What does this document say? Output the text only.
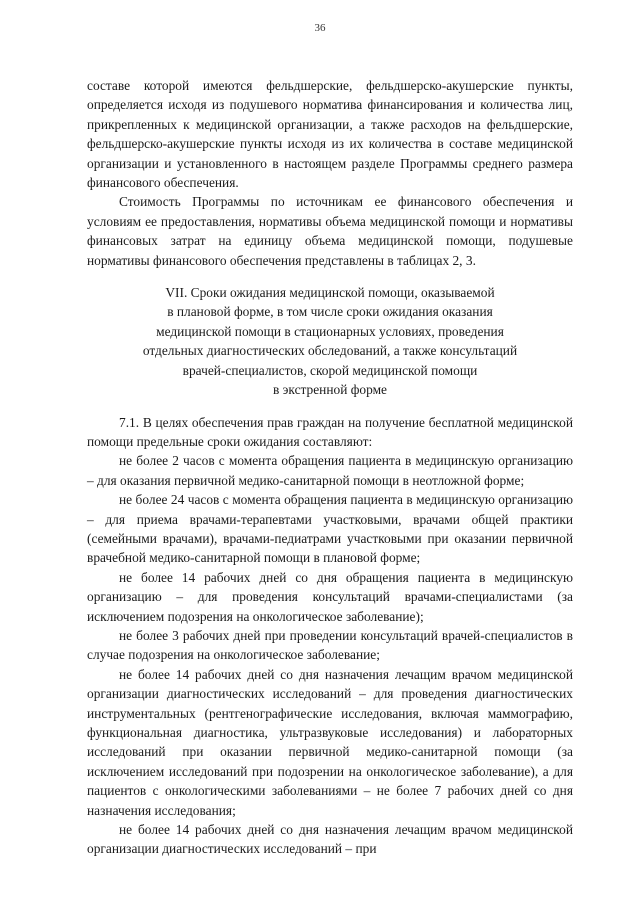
36

составе которой имеются фельдшерские, фельдшерско-акушерские пункты, определяется исходя из подушевого норматива финансирования и количества лиц, прикрепленных к медицинской организации, а также расходов на фельдшерские, фельдшерско-акушерские пункты исходя из их количества в составе медицинской организации и установленного в настоящем разделе Программы среднего размера финансового обеспечения.

Стоимость Программы по источникам ее финансового обеспечения и условиям ее предоставления, нормативы объема медицинской помощи и нормативы финансовых затрат на единицу объема медицинской помощи, подушевые нормативы финансового обеспечения представлены в таблицах 2, 3.

VII. Сроки ожидания медицинской помощи, оказываемой
в плановой форме, в том числе сроки ожидания оказания
медицинской помощи в стационарных условиях, проведения
отдельных диагностических обследований, а также консультаций
врачей-специалистов, скорой медицинской помощи
в экстренной форме

7.1. В целях обеспечения прав граждан на получение бесплатной медицинской помощи предельные сроки ожидания составляют:

не более 2 часов с момента обращения пациента в медицинскую организацию – для оказания первичной медико-санитарной помощи в неотложной форме;

не более 24 часов с момента обращения пациента в медицинскую организацию – для приема врачами-терапевтами участковыми, врачами общей практики (семейными врачами), врачами-педиатрами участковыми при оказании первичной врачебной медико-санитарной помощи в плановой форме;

не более 14 рабочих дней со дня обращения пациента в медицинскую организацию – для проведения консультаций врачами-специалистами (за исключением подозрения на онкологическое заболевание);

не более 3 рабочих дней при проведении консультаций врачей-специалистов в случае подозрения на онкологическое заболевание;

не более 14 рабочих дней со дня назначения лечащим врачом медицинской организации диагностических исследований – для проведения диагностических инструментальных (рентгенографические исследования, включая маммографию, функциональная диагностика, ультразвуковые исследования) и лабораторных исследований при оказании первичной медико-санитарной помощи (за исключением исследований при подозрении на онкологическое заболевание), а для пациентов с онкологическими заболеваниями – не более 7 рабочих дней со дня назначения исследования;

не более 14 рабочих дней со дня назначения лечащим врачом медицинской организации диагностических исследований – при
